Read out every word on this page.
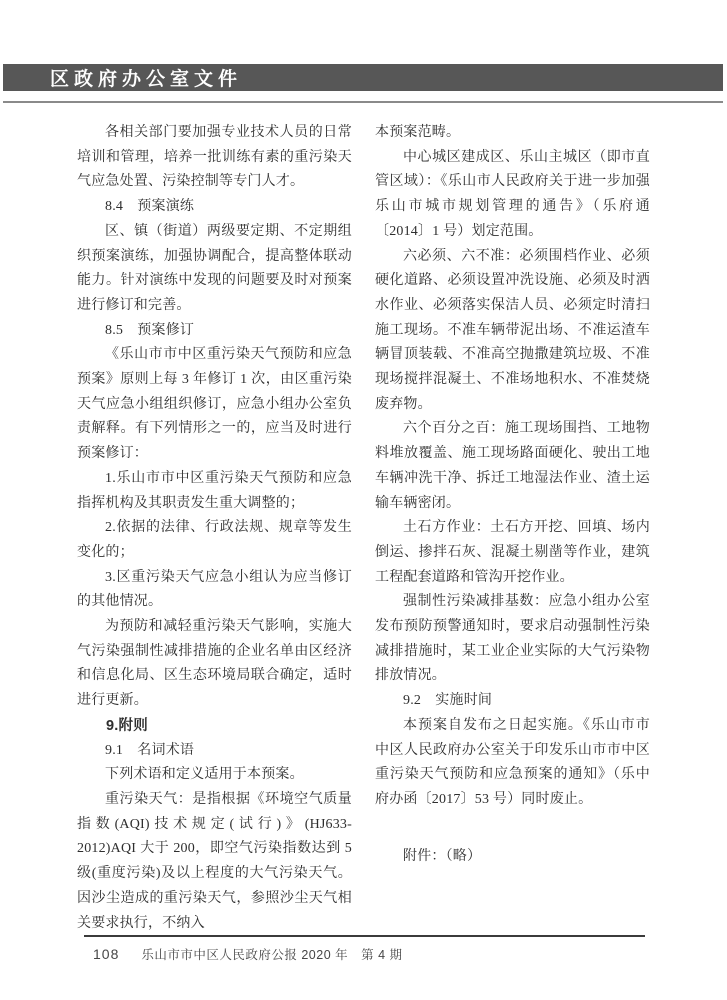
区政府办公室文件

各相关部门要加强专业技术人员的日常培训和管理，培养一批训练有素的重污染天气应急处置、污染控制等专门人才。

8.4　预案演练

区、镇（街道）两级要定期、不定期组织预案演练，加强协调配合，提高整体联动能力。针对演练中发现的问题要及时对预案进行修订和完善。

8.5　预案修订

《乐山市市中区重污染天气预防和应急预案》原则上每 3 年修订 1 次，由区重污染天气应急小组组织修订，应急小组办公室负责解释。有下列情形之一的，应当及时进行预案修订：

1.乐山市市中区重污染天气预防和应急指挥机构及其职责发生重大调整的；

2.依据的法律、行政法规、规章等发生变化的；

3.区重污染天气应急小组认为应当修订的其他情况。

为预防和减轻重污染天气影响，实施大气污染强制性减排措施的企业名单由区经济和信息化局、区生态环境局联合确定，适时进行更新。

9.附则

9.1　名词术语

下列术语和定义适用于本预案。

重污染天气：是指根据《环境空气质量指数(AQI)技术规定(试行)》(HJ633-2012)AQI 大于 200，即空气污染指数达到 5 级(重度污染)及以上程度的大气污染天气。因沙尘造成的重污染天气，参照沙尘天气相关要求执行，不纳入

本预案范畴。

中心城区建成区、乐山主城区（即市直管区域）：《乐山市人民政府关于进一步加强乐山市城市规划管理的通告》（乐府通〔2014〕1 号）划定范围。

六必须、六不准：必须围档作业、必须硬化道路、必须设置冲洗设施、必须及时洒水作业、必须落实保洁人员、必须定时清扫施工现场。不准车辆带泥出场、不准运渣车辆冒顶装载、不准高空抛撒建筑垃圾、不准现场搅拌混凝土、不准场地积水、不准焚烧废弃物。

六个百分之百：施工现场围挡、工地物料堆放覆盖、施工现场路面硬化、驶出工地车辆冲洗干净、拆迁工地湿法作业、渣土运输车辆密闭。

土石方作业：土石方开挖、回填、场内倒运、掺拌石灰、混凝土剔凿等作业，建筑工程配套道路和管沟开挖作业。

强制性污染减排基数：应急小组办公室发布预防预警通知时，要求启动强制性污染减排措施时，某工业企业实际的大气污染物排放情况。

9.2　实施时间

本预案自发布之日起实施。《乐山市市中区人民政府办公室关于印发乐山市市中区重污染天气预防和应急预案的通知》（乐中府办函〔2017〕53 号）同时废止。

附件：（略）

108 乐山市市中区人民政府公报 2020 年　第 4 期
